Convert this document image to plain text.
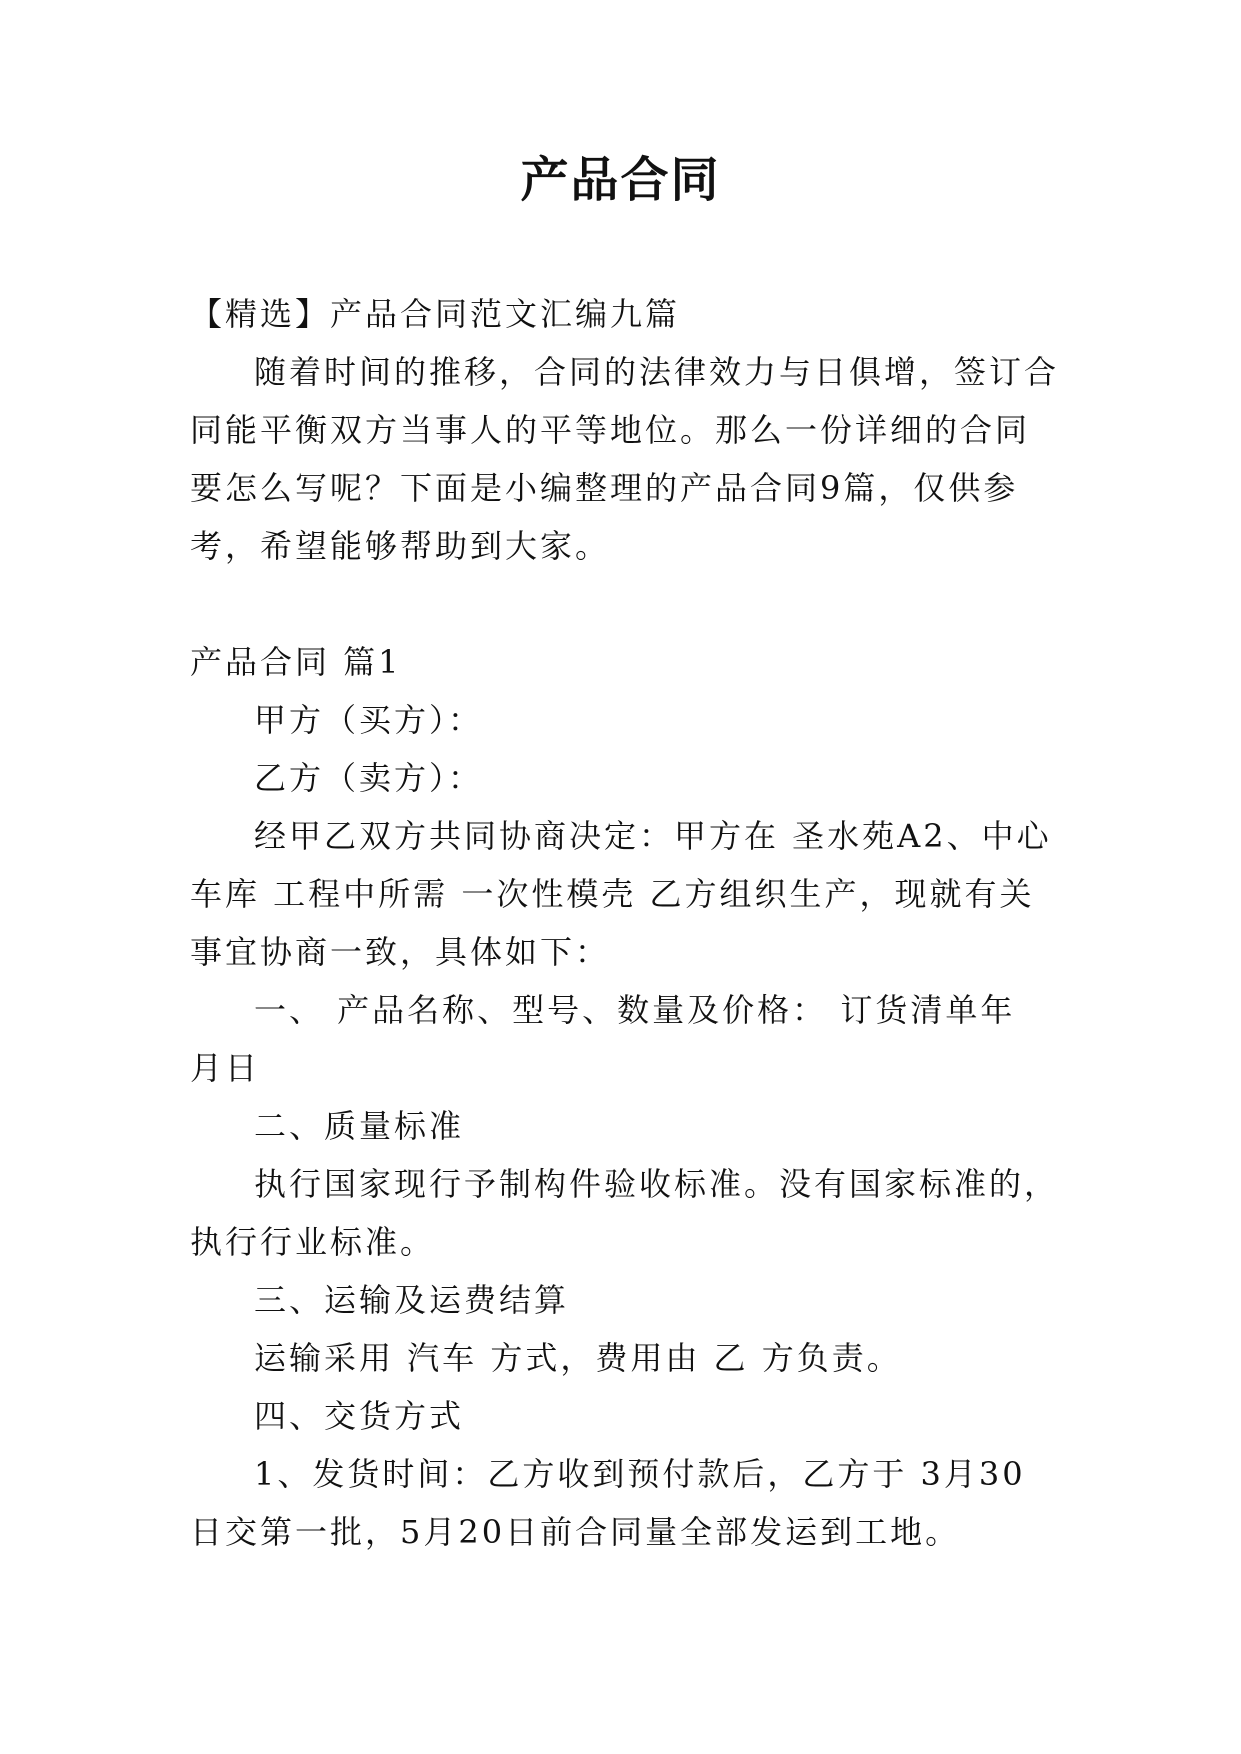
产品合同

【精选】产品合同范文汇编九篇

随着时间的推移，合同的法律效力与日俱增，签订合同能平衡双方当事人的平等地位。那么一份详细的合同要怎么写呢？下面是小编整理的产品合同9篇，仅供参考，希望能够帮助到大家。

产品合同 篇1

甲方（买方）：

乙方（卖方）：

经甲乙双方共同协商决定：甲方在 圣水苑A2、中心车库 工程中所需 一次性模壳 乙方组织生产，现就有关事宜协商一致，具体如下：

一、 产品名称、型号、数量及价格： 订货清单年 月日

二、质量标准

执行国家现行予制构件验收标准。没有国家标准的，执行行业标准。

三、运输及运费结算

运输采用 汽车 方式，费用由 乙 方负责。

四、交货方式

1、发货时间：乙方收到预付款后，乙方于 3月30日交第一批，5月20日前合同量全部发运到工地。
